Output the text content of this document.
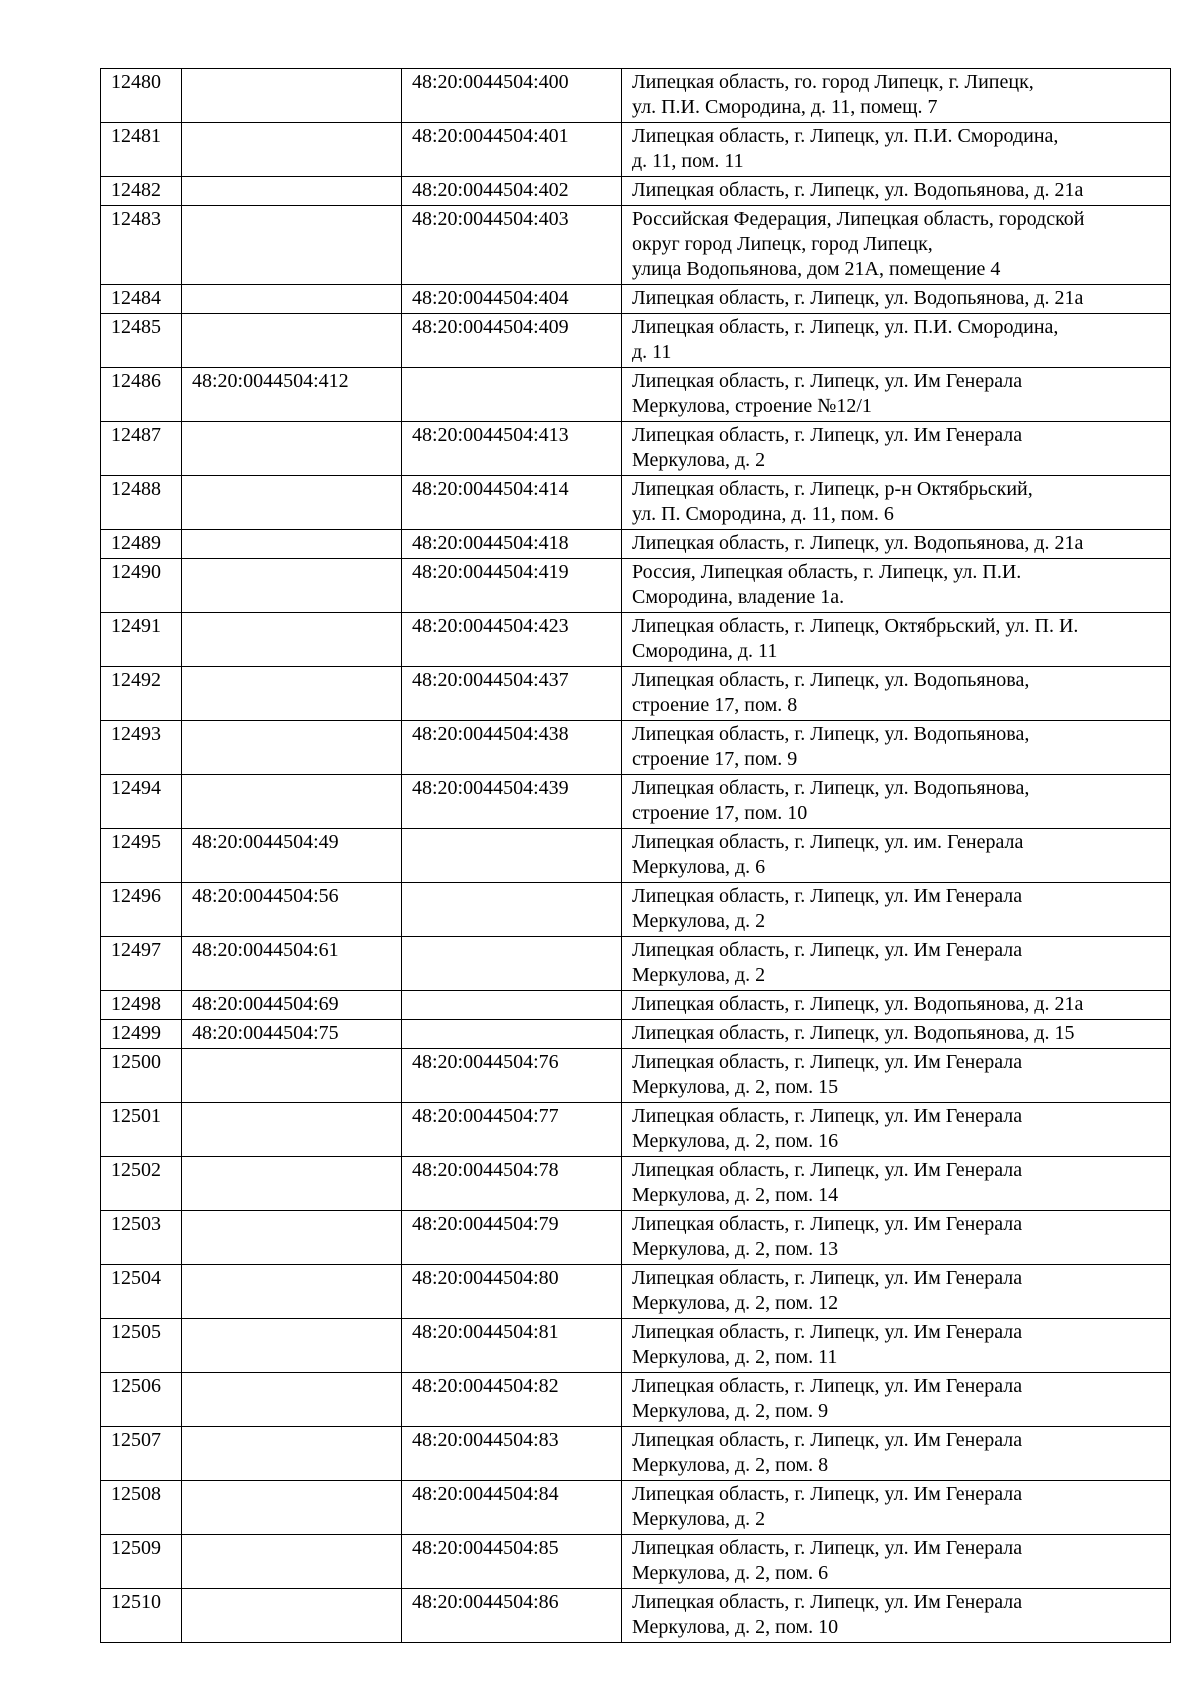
12480		48:20:0044504:400	Липецкая область, го. город Липецк, г. Липецк,
ул. П.И. Смородина, д. 11, помещ. 7
12481		48:20:0044504:401	Липецкая область, г. Липецк, ул. П.И. Смородина,
д. 11, пом. 11
12482		48:20:0044504:402	Липецкая область, г. Липецк, ул. Водопьянова, д. 21а
12483		48:20:0044504:403	Российская Федерация, Липецкая область, городской
округ город Липецк, город Липецк,
улица Водопьянова, дом 21А, помещение 4
12484		48:20:0044504:404	Липецкая область, г. Липецк, ул. Водопьянова, д. 21а
12485		48:20:0044504:409	Липецкая область, г. Липецк, ул. П.И. Смородина,
д. 11
12486	48:20:0044504:412		Липецкая область, г. Липецк, ул. Им Генерала
Меркулова, строение №12/1
12487		48:20:0044504:413	Липецкая область, г. Липецк, ул. Им Генерала
Меркулова, д. 2
12488		48:20:0044504:414	Липецкая область, г. Липецк, р-н Октябрьский,
ул. П. Смородина, д. 11, пом. 6
12489		48:20:0044504:418	Липецкая область, г. Липецк, ул. Водопьянова, д. 21а
12490		48:20:0044504:419	Россия, Липецкая область, г. Липецк, ул. П.И.
Смородина, владение 1а.
12491		48:20:0044504:423	Липецкая область, г. Липецк, Октябрьский, ул. П. И.
Смородина, д. 11
12492		48:20:0044504:437	Липецкая область, г. Липецк, ул. Водопьянова,
строение 17, пом. 8
12493		48:20:0044504:438	Липецкая область, г. Липецк, ул. Водопьянова,
строение 17, пом. 9
12494		48:20:0044504:439	Липецкая область, г. Липецк, ул. Водопьянова,
строение 17, пом. 10
12495	48:20:0044504:49		Липецкая область, г. Липецк, ул. им. Генерала
Меркулова, д. 6
12496	48:20:0044504:56		Липецкая область, г. Липецк, ул. Им Генерала
Меркулова, д. 2
12497	48:20:0044504:61		Липецкая область, г. Липецк, ул. Им Генерала
Меркулова, д. 2
12498	48:20:0044504:69		Липецкая область, г. Липецк, ул. Водопьянова, д. 21а
12499	48:20:0044504:75		Липецкая область, г. Липецк, ул. Водопьянова, д. 15
12500		48:20:0044504:76	Липецкая область, г. Липецк, ул. Им Генерала
Меркулова, д. 2, пом. 15
12501		48:20:0044504:77	Липецкая область, г. Липецк, ул. Им Генерала
Меркулова, д. 2, пом. 16
12502		48:20:0044504:78	Липецкая область, г. Липецк, ул. Им Генерала
Меркулова, д. 2, пом. 14
12503		48:20:0044504:79	Липецкая область, г. Липецк, ул. Им Генерала
Меркулова, д. 2, пом. 13
12504		48:20:0044504:80	Липецкая область, г. Липецк, ул. Им Генерала
Меркулова, д. 2, пом. 12
12505		48:20:0044504:81	Липецкая область, г. Липецк, ул. Им Генерала
Меркулова, д. 2, пом. 11
12506		48:20:0044504:82	Липецкая область, г. Липецк, ул. Им Генерала
Меркулова, д. 2, пом. 9
12507		48:20:0044504:83	Липецкая область, г. Липецк, ул. Им Генерала
Меркулова, д. 2, пом. 8
12508		48:20:0044504:84	Липецкая область, г. Липецк, ул. Им Генерала
Меркулова, д. 2
12509		48:20:0044504:85	Липецкая область, г. Липецк, ул. Им Генерала
Меркулова, д. 2, пом. 6
12510		48:20:0044504:86	Липецкая область, г. Липецк, ул. Им Генерала
Меркулова, д. 2, пом. 10
